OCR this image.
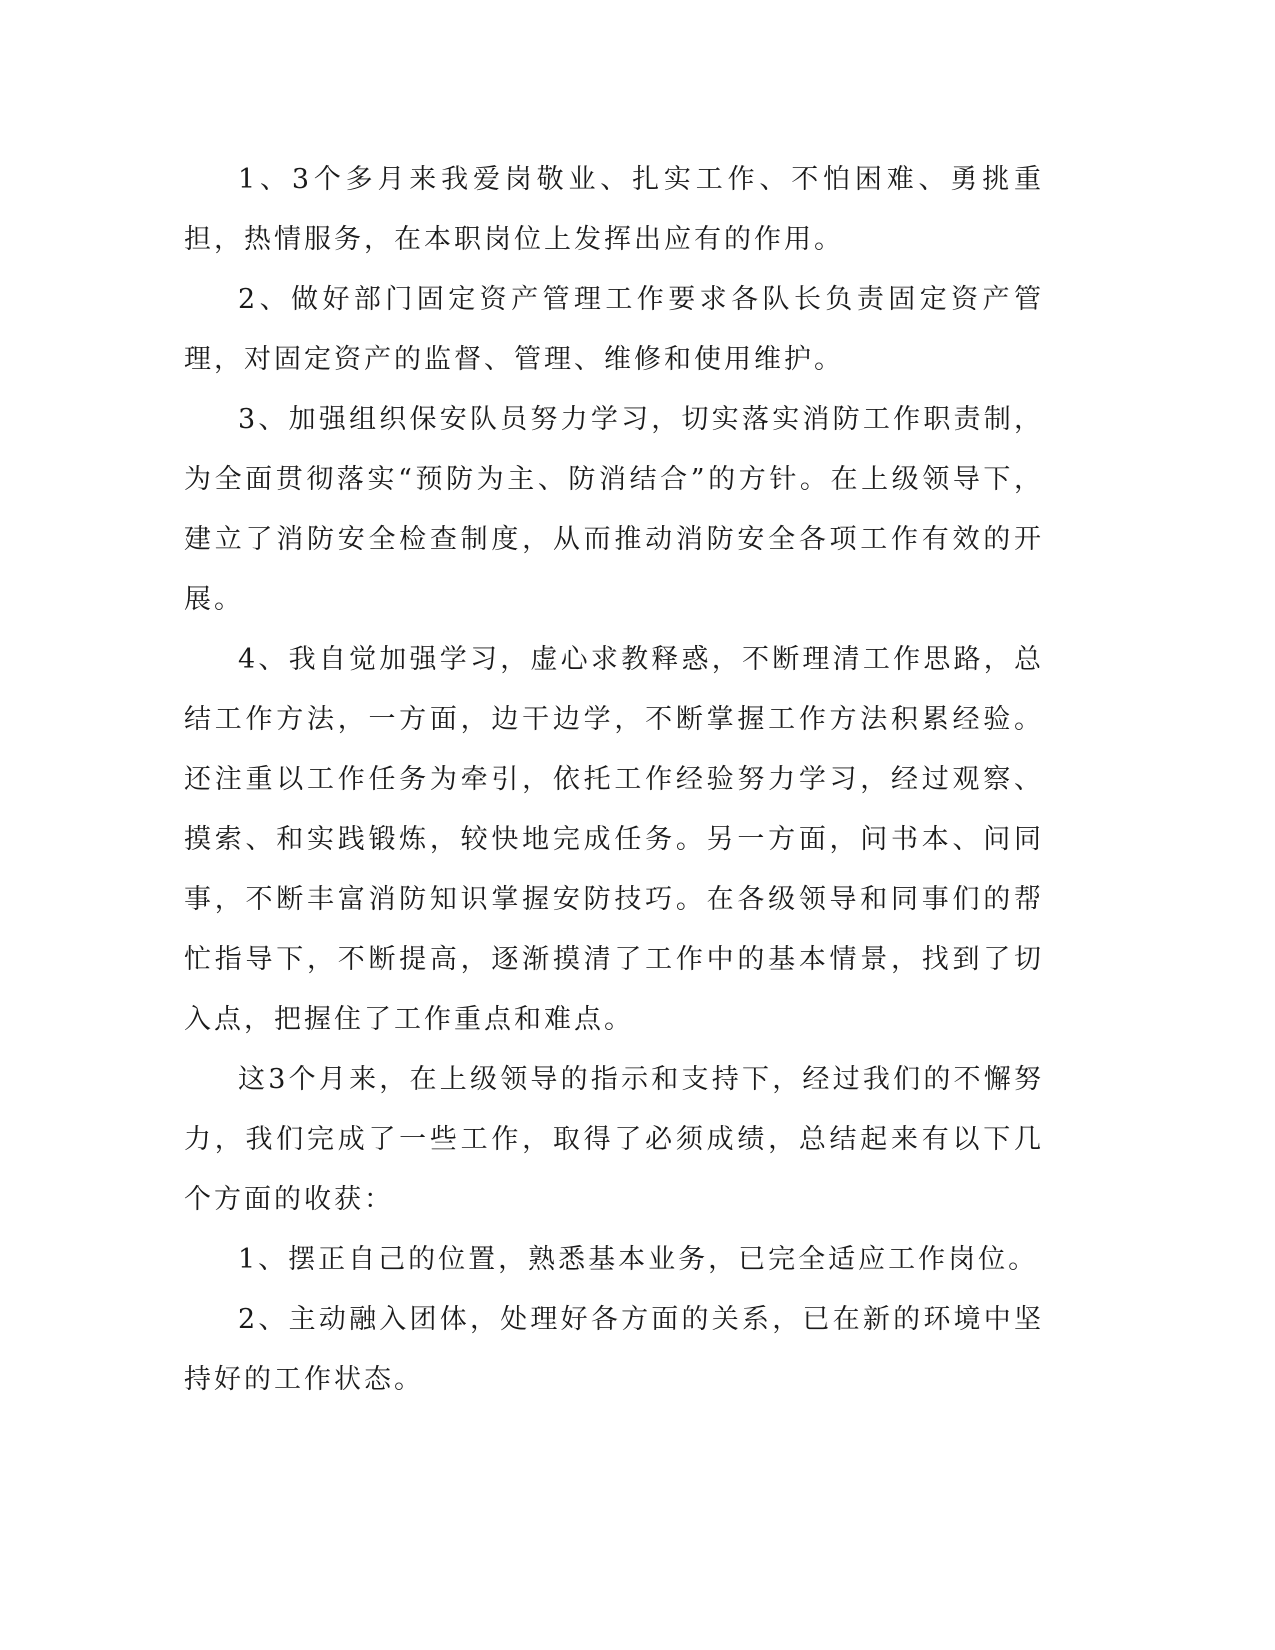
1、3个多月来我爱岗敬业、扎实工作、不怕困难、勇挑重担，热情服务，在本职岗位上发挥出应有的作用。

2、做好部门固定资产管理工作要求各队长负责固定资产管理，对固定资产的监督、管理、维修和使用维护。

3、加强组织保安队员努力学习，切实落实消防工作职责制，为全面贯彻落实“预防为主、防消结合”的方针。在上级领导下，建立了消防安全检查制度，从而推动消防安全各项工作有效的开展。

4、我自觉加强学习，虚心求教释惑，不断理清工作思路，总结工作方法，一方面，边干边学，不断掌握工作方法积累经验。还注重以工作任务为牵引，依托工作经验努力学习，经过观察、摸索、和实践锻炼，较快地完成任务。另一方面，问书本、问同事，不断丰富消防知识掌握安防技巧。在各级领导和同事们的帮忙指导下，不断提高，逐渐摸清了工作中的基本情景，找到了切入点，把握住了工作重点和难点。

这3个月来，在上级领导的指示和支持下，经过我们的不懈努力，我们完成了一些工作，取得了必须成绩，总结起来有以下几个方面的收获：

1、摆正自己的位置，熟悉基本业务，已完全适应工作岗位。

2、主动融入团体，处理好各方面的关系，已在新的环境中坚持好的工作状态。
